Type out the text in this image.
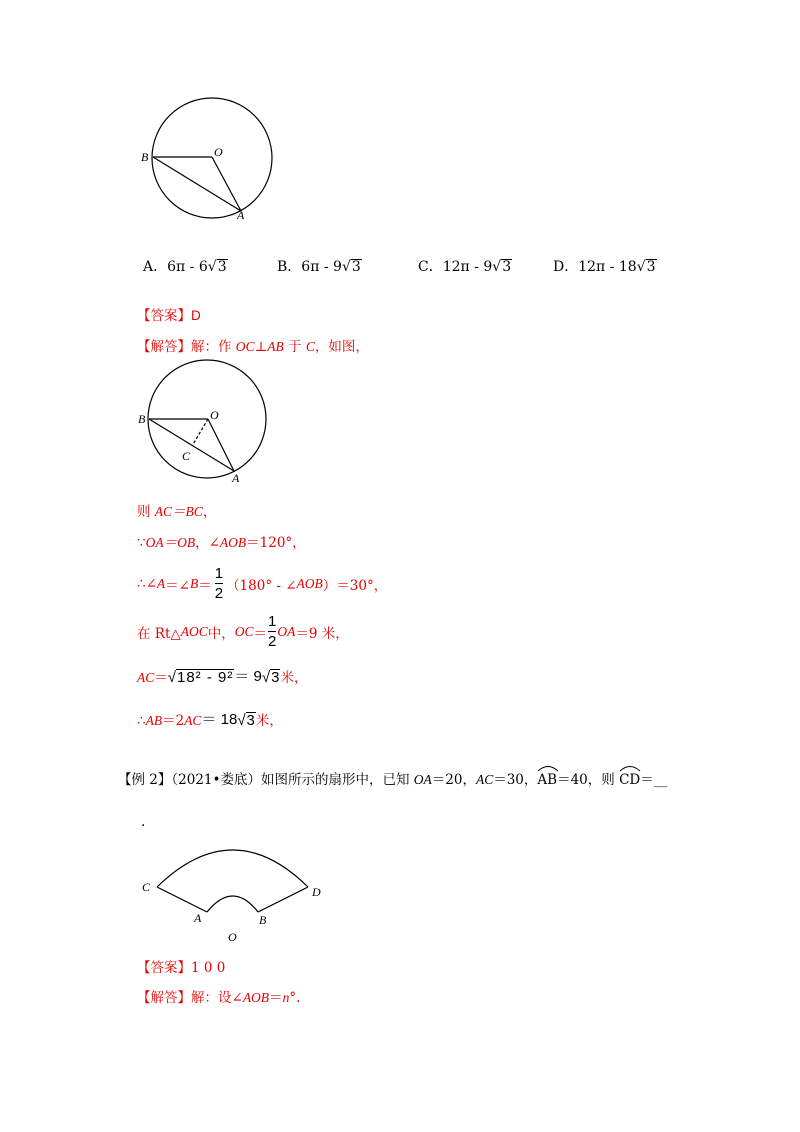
B	O
A
A．6π - 6√ 3	B．6π - 9√ 3	C．12π - 9√ 3	D．12π - 18√ 3
【答案】D
【解答】解：作 OC⊥AB 于 C，如图，
B	O
C
A
则 AC＝BC，
∵OA＝OB，∠AOB＝120°，
∴∠ A ＝∠ $B = \frac{1}{2} (180^\circ$ - ∠ AOB ）＝30°，
在 Rt△ AOC 中， OC ＝ $\frac{1}{2}$ OA ＝9 米，
AC ＝ √ 18² - 9² ＝ 9 √ 3 米，
∴ AB ＝2 AC ＝ 18 √ 3 米，
【例 2】（2021•娄底）如图所示的扇形中，已知 OA＝20，AC＝30，
AB＝40，则
CD＝__
.
C	D
A	B
O
【答案】1 0 0
【解答】解：设∠AOB＝n°.
